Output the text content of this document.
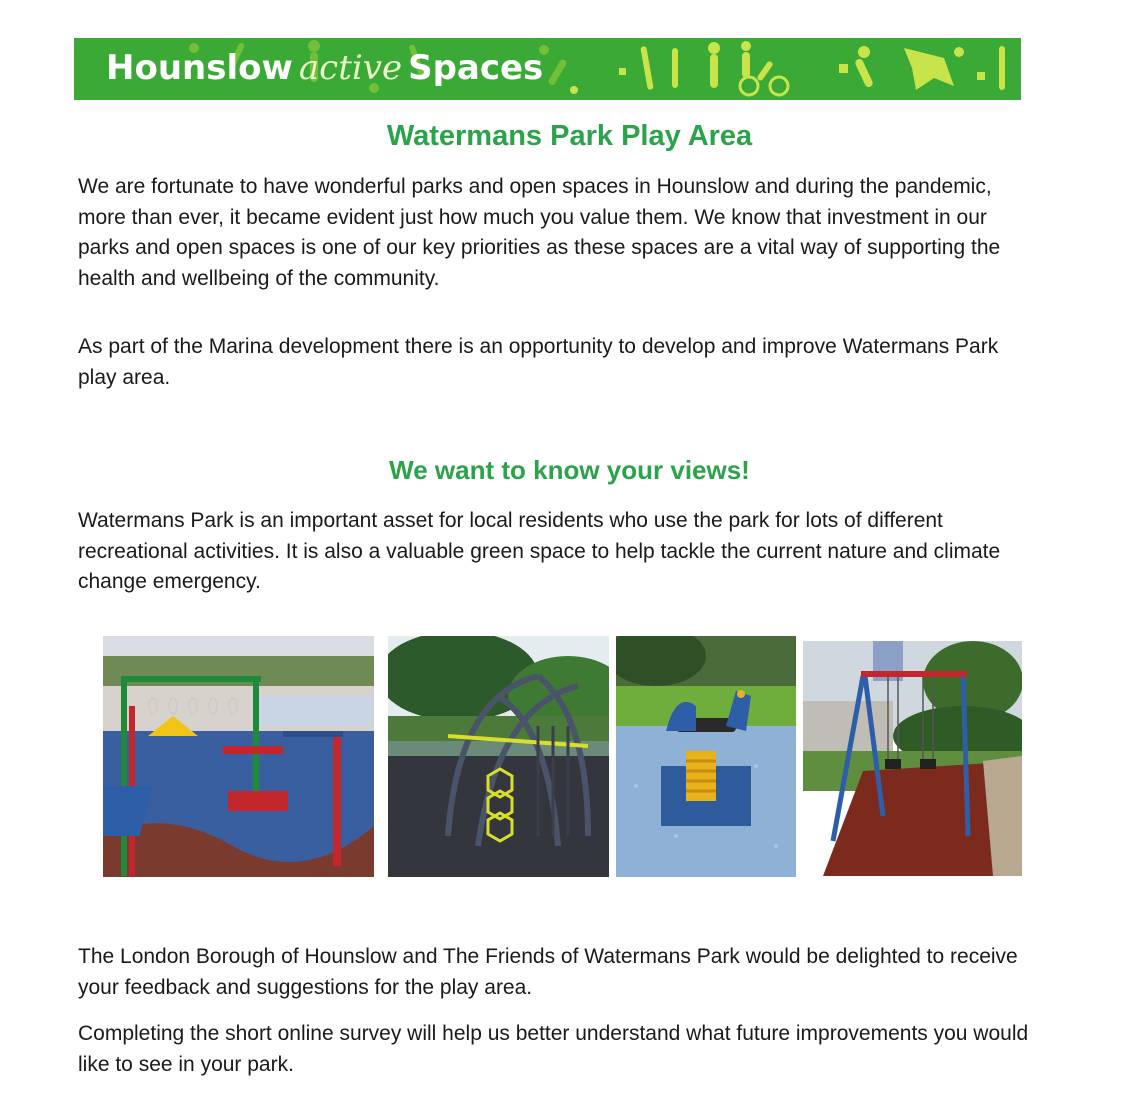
Hounslow active Spaces
Watermans Park Play Area

We are fortunate to have wonderful parks and open spaces in Hounslow and during the pandemic, more than ever, it became evident just how much you value them. We know that investment in our parks and open spaces is one of our key priorities as these spaces are a vital way of supporting the health and wellbeing of the community.

As part of the Marina development there is an opportunity to develop and improve Watermans Park play area.

We want to know your views!

Watermans Park is an important asset for local residents who use the park for lots of different recreational activities. It is also a valuable green space to help tackle the current nature and climate change emergency.

The London Borough of Hounslow and The Friends of Watermans Park would be delighted to receive your feedback and suggestions for the play area.

Completing the short online survey will help us better understand what future improvements you would like to see in your park.
